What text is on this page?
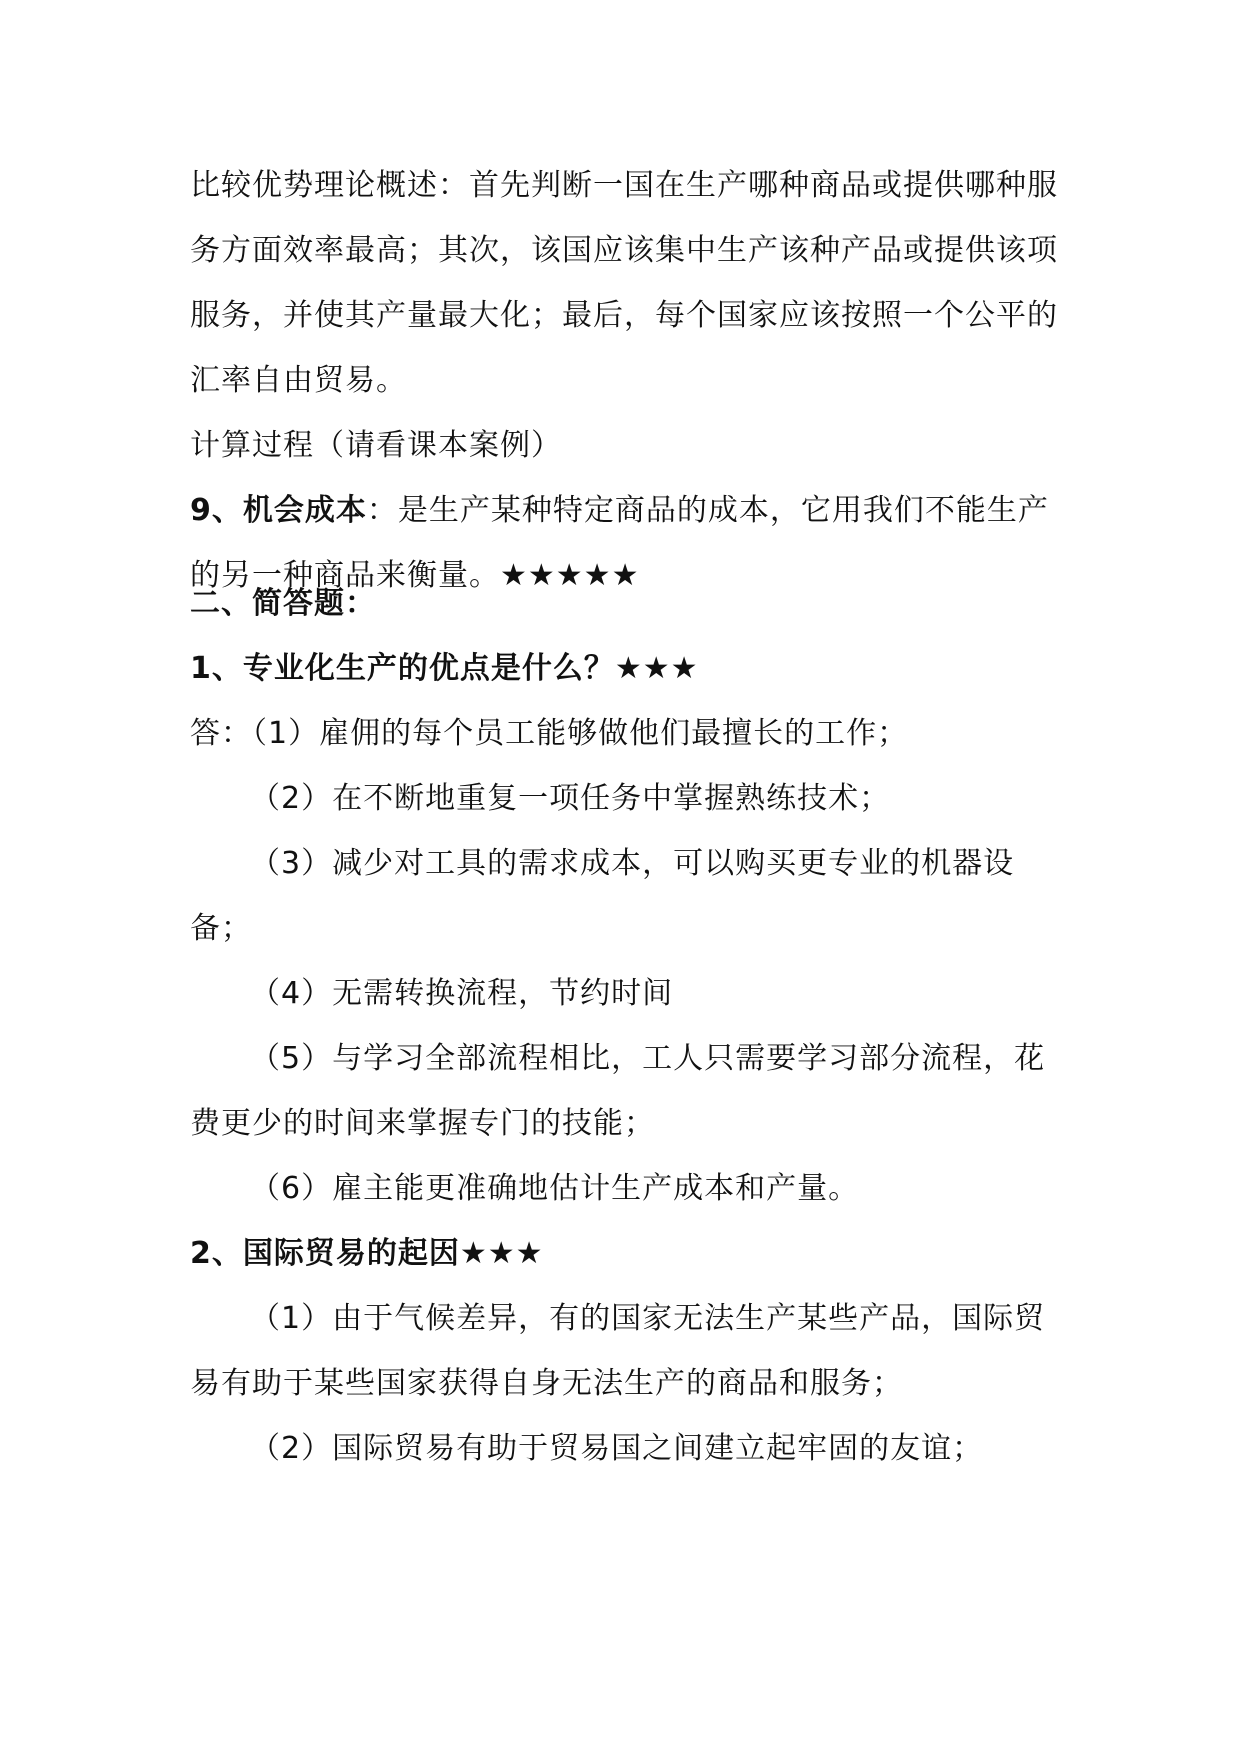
比较优势理论概述：首先判断一国在生产哪种商品或提供哪种服务方面效率最高；其次，该国应该集中生产该种产品或提供该项服务，并使其产量最大化；最后，每个国家应该按照一个公平的汇率自由贸易。

计算过程（请看课本案例）

9、机会成本：是生产某种特定商品的成本，它用我们不能生产的另一种商品来衡量。★★★★★

二、简答题：

1、专业化生产的优点是什么？★★★

答：（1）雇佣的每个员工能够做他们最擅长的工作；

（2）在不断地重复一项任务中掌握熟练技术；

（3）减少对工具的需求成本，可以购买更专业的机器设备；

（4）无需转换流程，节约时间

（5）与学习全部流程相比，工人只需要学习部分流程，花费更少的时间来掌握专门的技能；

（6）雇主能更准确地估计生产成本和产量。

2、国际贸易的起因★★★

（1）由于气候差异，有的国家无法生产某些产品，国际贸易有助于某些国家获得自身无法生产的商品和服务；

（2）国际贸易有助于贸易国之间建立起牢固的友谊；
